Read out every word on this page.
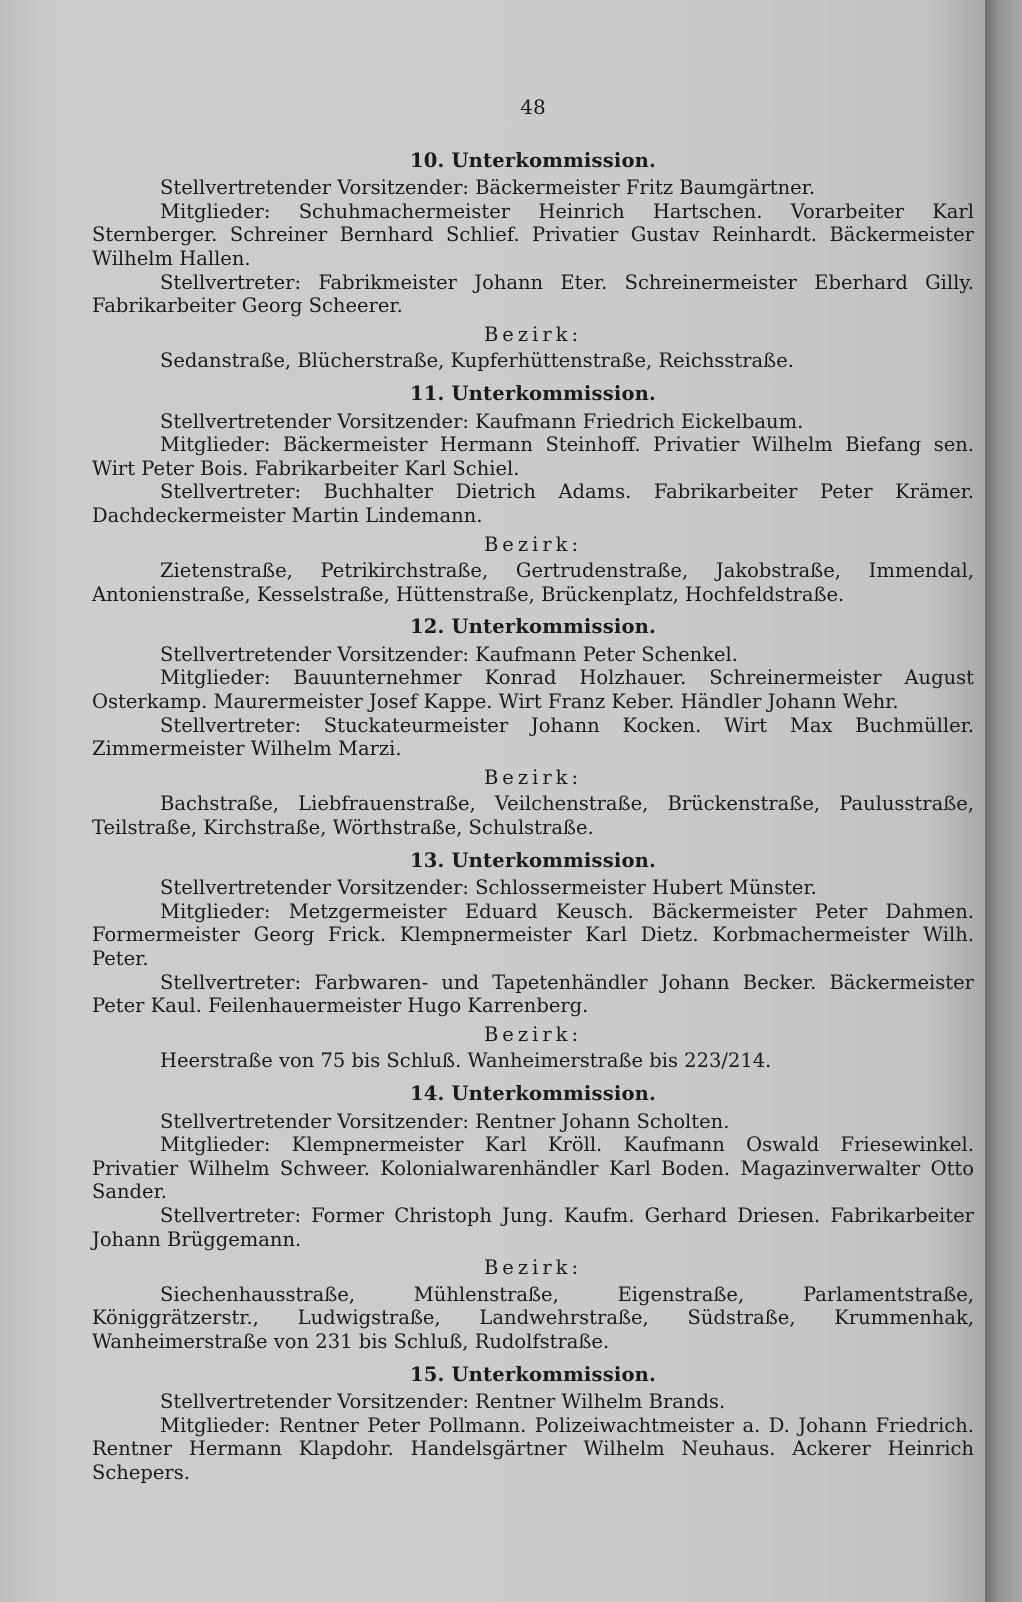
48
10. Unterkommission.

Stellvertretender Vorsitzender: Bäckermeister Fritz Baumgärtner.

Mitglieder: Schuhmachermeister Heinrich Hartschen. Vorarbeiter Karl Sternberger. Schreiner Bernhard Schlief. Privatier Gustav Reinhardt. Bäckermeister Wilhelm Hallen.

Stellvertreter: Fabrikmeister Johann Eter. Schreinermeister Eberhard Gilly. Fabrikarbeiter Georg Scheerer.

Bezirk:

Sedanstraße, Blücherstraße, Kupferhüttenstraße, Reichsstraße.

11. Unterkommission.

Stellvertretender Vorsitzender: Kaufmann Friedrich Eickelbaum.

Mitglieder: Bäckermeister Hermann Steinhoff. Privatier Wilhelm Biefang sen. Wirt Peter Bois. Fabrikarbeiter Karl Schiel.

Stellvertreter: Buchhalter Dietrich Adams. Fabrikarbeiter Peter Krämer. Dachdeckermeister Martin Lindemann.

Bezirk:

Zietenstraße, Petrikirchstraße, Gertrudenstraße, Jakobstraße, Immendal, Antonienstraße, Kesselstraße, Hüttenstraße, Brückenplatz, Hochfeldstraße.

12. Unterkommission.

Stellvertretender Vorsitzender: Kaufmann Peter Schenkel.

Mitglieder: Bauunternehmer Konrad Holzhauer. Schreinermeister August Osterkamp. Maurermeister Josef Kappe. Wirt Franz Keber. Händler Johann Wehr.

Stellvertreter: Stuckateurmeister Johann Kocken. Wirt Max Buchmüller. Zimmermeister Wilhelm Marzi.

Bezirk:

Bachstraße, Liebfrauenstraße, Veilchenstraße, Brückenstraße, Paulusstraße, Teilstraße, Kirchstraße, Wörthstraße, Schulstraße.

13. Unterkommission.

Stellvertretender Vorsitzender: Schlossermeister Hubert Münster.

Mitglieder: Metzgermeister Eduard Keusch. Bäckermeister Peter Dahmen. Formermeister Georg Frick. Klempnermeister Karl Dietz. Korbmachermeister Wilh. Peter.

Stellvertreter: Farbwaren- und Tapetenhändler Johann Becker. Bäckermeister Peter Kaul. Feilenhauermeister Hugo Karrenberg.

Bezirk:

Heerstraße von 75 bis Schluß. Wanheimerstraße bis 223/214.

14. Unterkommission.

Stellvertretender Vorsitzender: Rentner Johann Scholten.

Mitglieder: Klempnermeister Karl Kröll. Kaufmann Oswald Friesewinkel. Privatier Wilhelm Schweer. Kolonialwarenhändler Karl Boden. Magazinverwalter Otto Sander.

Stellvertreter: Former Christoph Jung. Kaufm. Gerhard Driesen. Fabrikarbeiter Johann Brüggemann.

Bezirk:

Siechenhausstraße, Mühlenstraße, Eigenstraße, Parlamentstraße, Königgrätzerstr., Ludwigstraße, Landwehrstraße, Südstraße, Krummenhak, Wanheimerstraße von 231 bis Schluß, Rudolfstraße.

15. Unterkommission.

Stellvertretender Vorsitzender: Rentner Wilhelm Brands.

Mitglieder: Rentner Peter Pollmann. Polizeiwachtmeister a. D. Johann Friedrich. Rentner Hermann Klapdohr. Handelsgärtner Wilhelm Neuhaus. Ackerer Heinrich Schepers.
